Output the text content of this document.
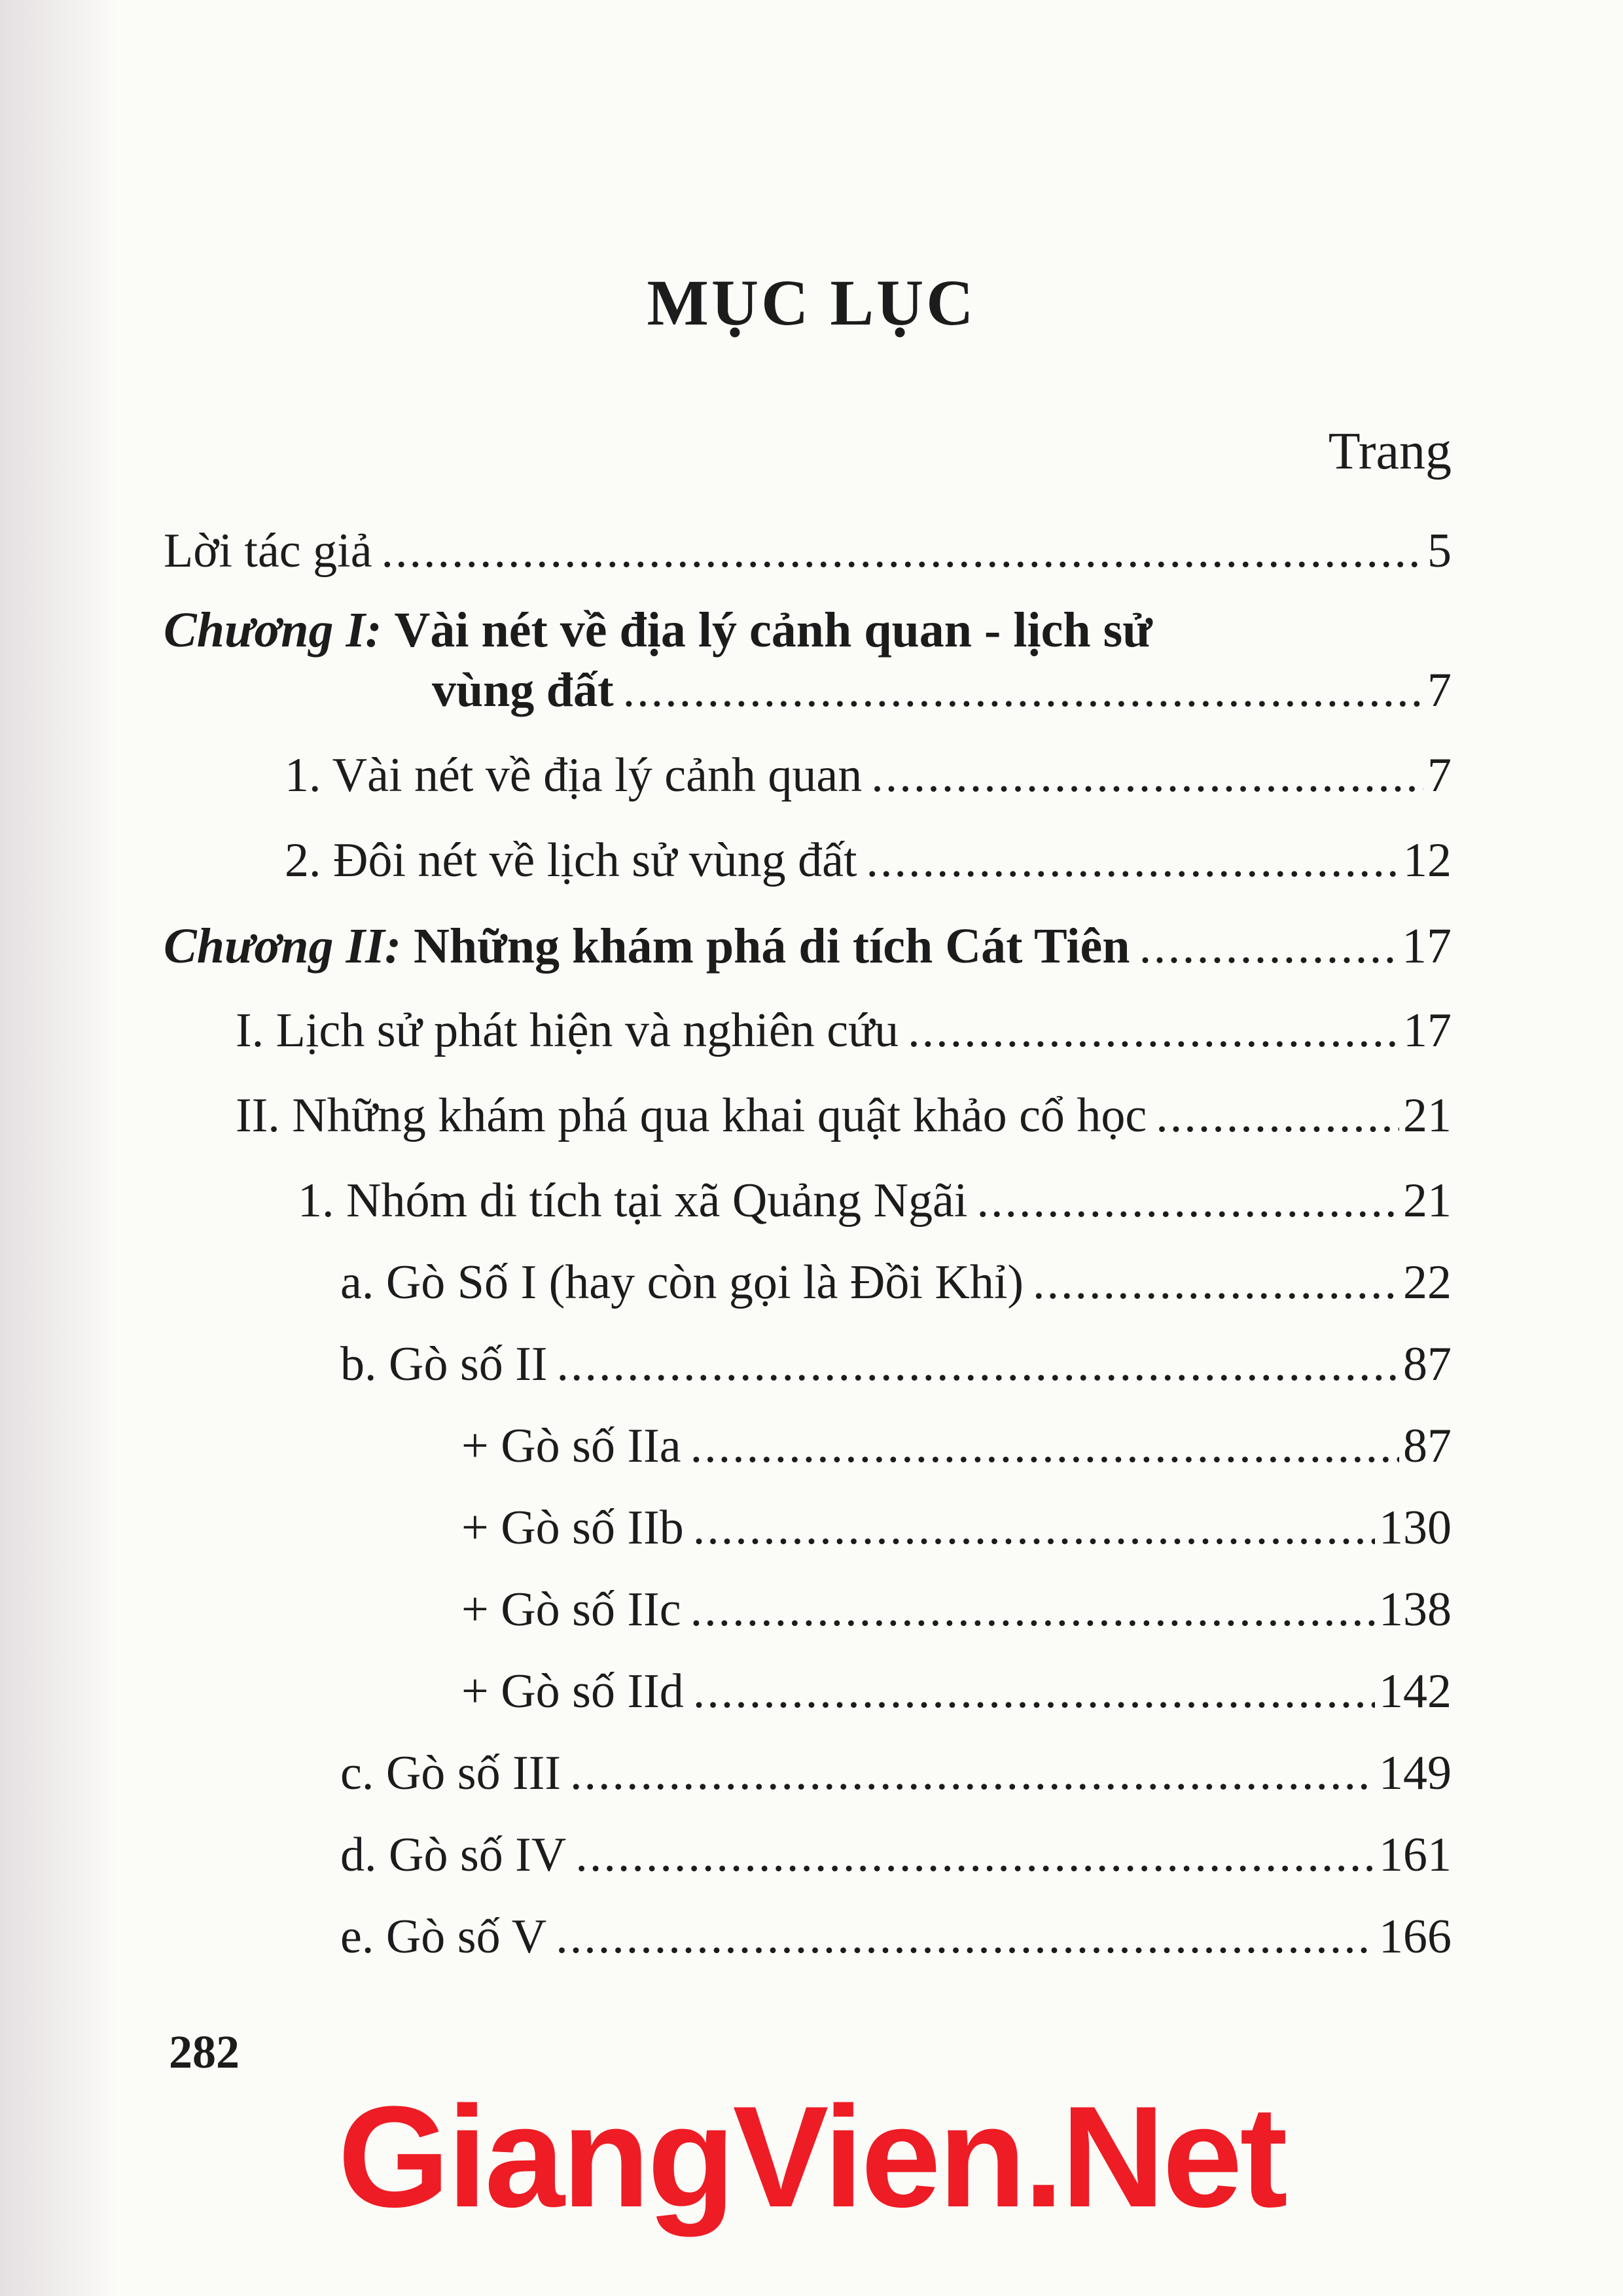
MỤC LỤC
Trang
Lời tác giả .....	5
Chương I: Vài nét về địa lý cảnh quan - lịch sử
vùng đất .....	7
1. Vài nét về địa lý cảnh quan .....	7
2. Đôi nét về lịch sử vùng đất .....	12
Chương II: Những khám phá di tích Cát Tiên .....	17
I. Lịch sử phát hiện và nghiên cứu .....	17
II. Những khám phá qua khai quật khảo cổ học .....	21
1. Nhóm di tích tại xã Quảng Ngãi .....	21
a. Gò Số I (hay còn gọi là Đồi Khỉ) .....	22
b. Gò số II .....	87
+ Gò số IIa .....	87
+ Gò số IIb .....	130
+ Gò số IIc .....	138
+ Gò số IId .....	142
c. Gò số III .....	149
d. Gò số IV .....	161
e. Gò số V .....	166
282
GiangVien.Net
